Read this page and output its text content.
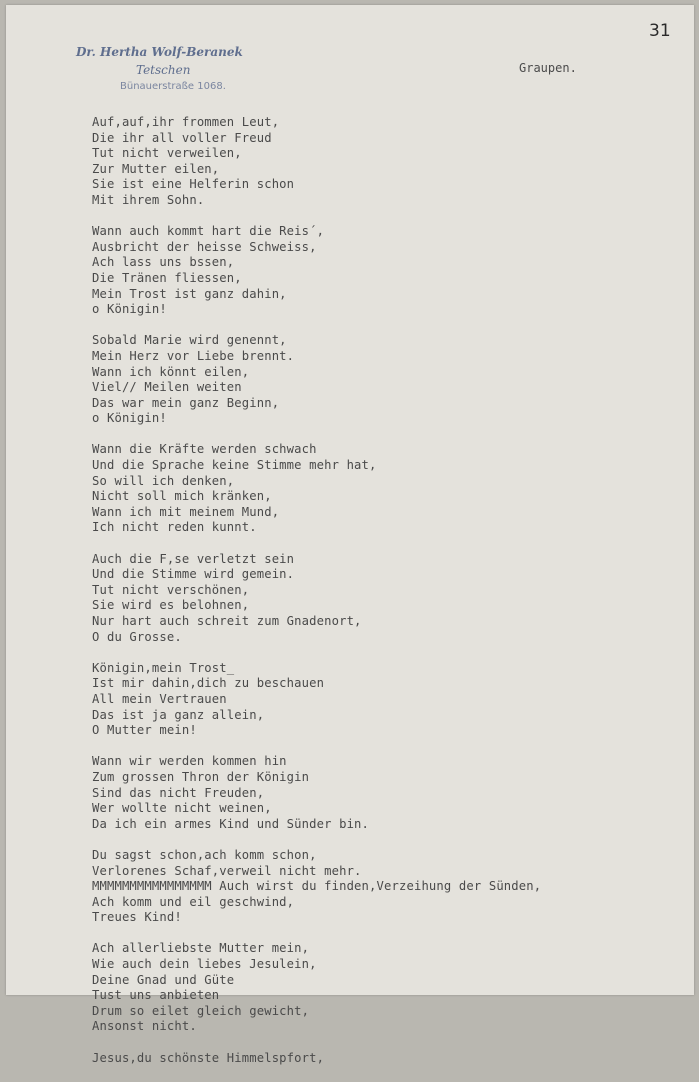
31
Dr. Hertha Wolf-Beranek
Tetschen
Bünauerstraße 1068.
Graupen.
Auf,auf,ihr frommen Leut,
Die ihr all voller Freud
Tut nicht verweilen,
Zur Mutter eilen,
Sie ist eine Helferin schon
Mit ihrem Sohn.
Wann auch kommt hart die Reis´,
Ausbricht der heisse Schweiss,
Ach lass uns bssen,
Die Tränen fliessen,
Mein Trost ist ganz dahin,
o Königin!
Sobald Marie wird genennt,
Mein Herz vor Liebe brennt.
Wann ich könnt eilen,
Viel// Meilen weiten
Das war mein ganz Beginn,
o Königin!
Wann die Kräfte werden schwach
Und die Sprache keine Stimme mehr hat,
So will ich denken,
Nicht soll mich kränken,
Wann ich mit meinem Mund,
Ich nicht reden kunnt.
Auch die F,se verletzt sein
Und die Stimme wird gemein.
Tut nicht verschönen,
Sie wird es belohnen,
Nur hart auch schreit zum Gnadenort,
O du Grosse.
Königin,mein Trost_
Ist mir dahin,dich zu beschauen
All mein Vertrauen
Das ist ja ganz allein,
O Mutter mein!
Wann wir werden kommen hin
Zum grossen Thron der Königin
Sind das nicht Freuden,
Wer wollte nicht weinen,
Da ich ein armes Kind und Sünder bin.
Du sagst schon,ach komm schon,
Verlorenes Schaf,verweil nicht mehr.
MMMMMMMMMMMMMMMM Auch wirst du finden,Verzeihung der Sünden,
Ach komm und eil geschwind,
Treues Kind!
Ach allerliebste Mutter mein,
Wie auch dein liebes Jesulein,
Deine Gnad und Güte
Tust uns anbieten
Drum so eilet gleich gewicht,
Ansonst nicht.
Jesus,du schönste Himmelspfort,
